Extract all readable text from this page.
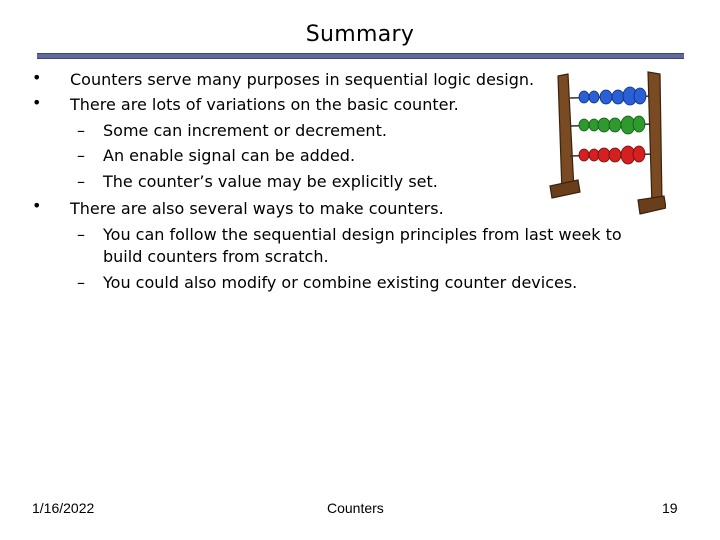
Summary
• Counters serve many purposes in sequential logic design.
• There are lots of variations on the basic counter.
– Some can increment or decrement.
– An enable signal can be added.
– The counter’s value may be explicitly set.
• There are also several ways to make counters.
– You can follow the sequential design principles from last week to
build counters from scratch.
– You could also modify or combine existing counter devices.
1/16/2022	Counters	19
